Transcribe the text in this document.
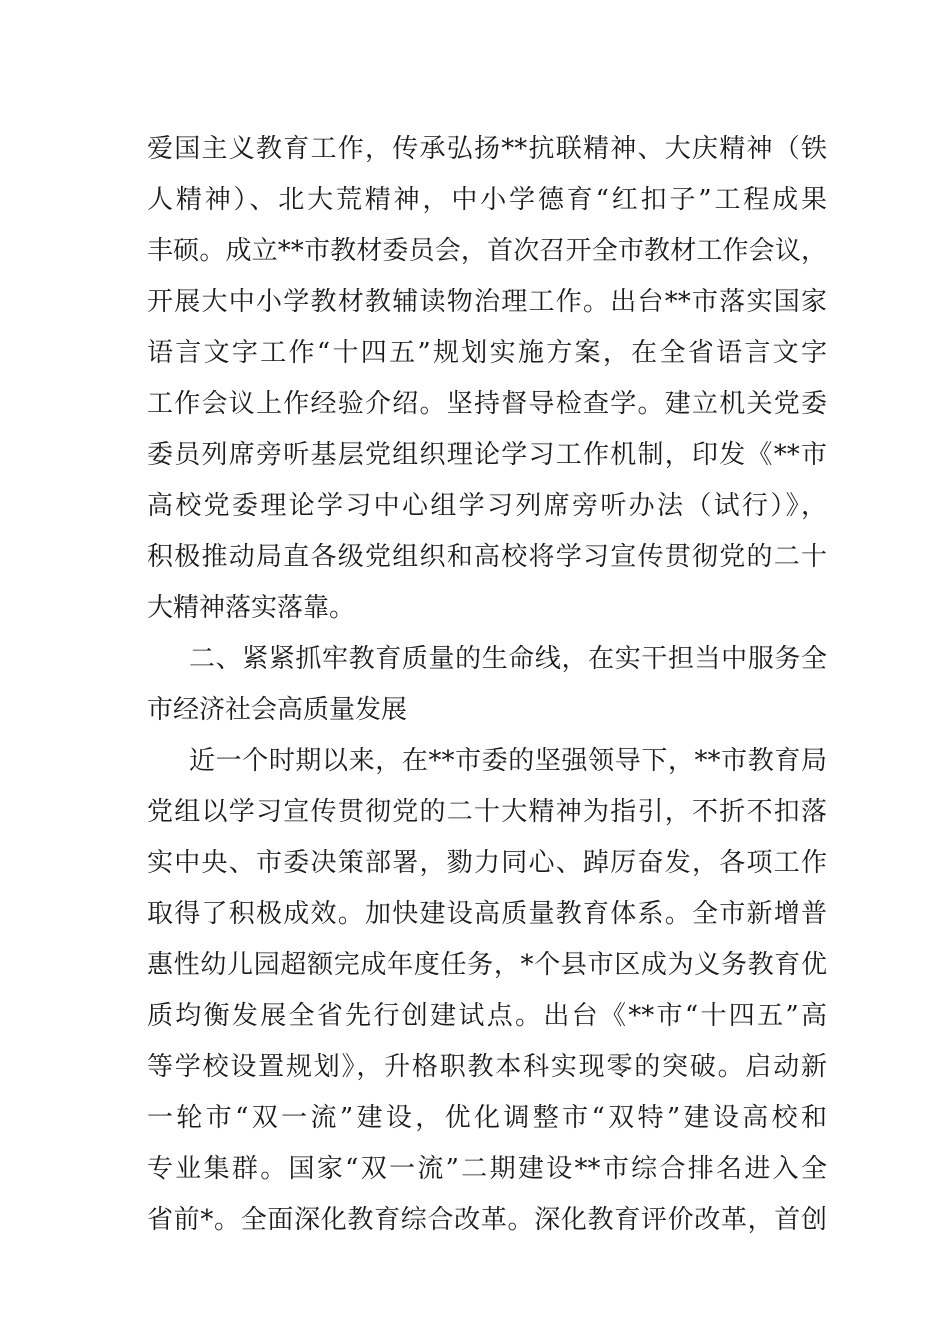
爱国主义教育工作，传承弘扬**抗联精神、大庆精神（铁
人精神）、北大荒精神，中小学德育“红扣子”工程成果
丰硕。成立**市教材委员会，首次召开全市教材工作会议，
开展大中小学教材教辅读物治理工作。出台**市落实国家
语言文字工作“十四五”规划实施方案，在全省语言文字
工作会议上作经验介绍。坚持督导检查学。建立机关党委
委员列席旁听基层党组织理论学习工作机制，印发《**市
高校党委理论学习中心组学习列席旁听办法（试行）》，
积极推动局直各级党组织和高校将学习宣传贯彻党的二十
大精神落实落靠。
二、紧紧抓牢教育质量的生命线，在实干担当中服务全
市经济社会高质量发展
近一个时期以来，在**市委的坚强领导下，**市教育局
党组以学习宣传贯彻党的二十大精神为指引，不折不扣落
实中央、市委决策部署，勠力同心、踔厉奋发，各项工作
取得了积极成效。加快建设高质量教育体系。全市新增普
惠性幼儿园超额完成年度任务，*个县市区成为义务教育优
质均衡发展全省先行创建试点。出台《**市“十四五”高
等学校设置规划》，升格职教本科实现零的突破。启动新
一轮市“双一流”建设，优化调整市“双特”建设高校和
专业集群。国家“双一流”二期建设**市综合排名进入全
省前*。全面深化教育综合改革。深化教育评价改革，首创
